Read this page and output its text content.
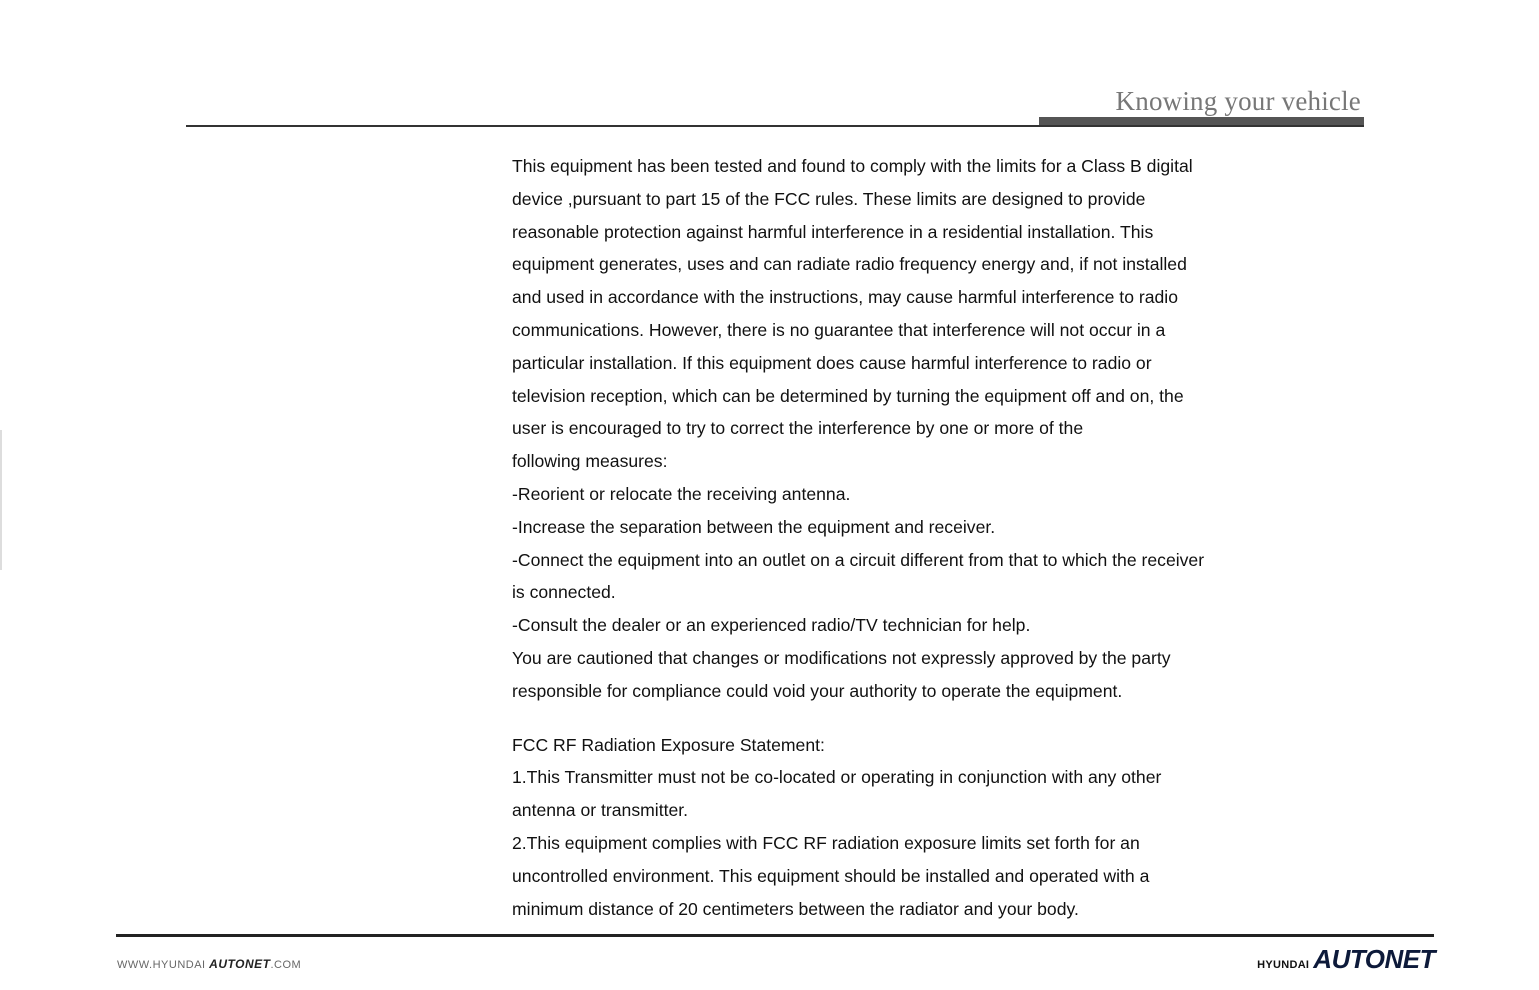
Knowing your vehicle
This equipment has been tested and found to comply with the limits for a Class B digital
device ,pursuant to part 15 of the FCC rules. These limits are designed to provide
reasonable protection against harmful interference in a residential installation. This
equipment generates, uses and can radiate radio frequency energy and, if not installed
and used in accordance with the instructions, may cause harmful interference to radio
communications. However, there is no guarantee that interference will not occur in a
particular installation. If this equipment does cause harmful interference to radio or
television reception, which can be determined by turning the equipment off and on, the
user is encouraged to try to correct the interference by one or more of the
following measures:
-Reorient or relocate the receiving antenna.
-Increase the separation between the equipment and receiver.
-Connect the equipment into an outlet on a circuit different from that to which the receiver
is connected.
-Consult the dealer or an experienced radio/TV technician for help.
You are cautioned that changes or modifications not expressly approved by the party
responsible for compliance could void your authority to operate the equipment.
FCC RF Radiation Exposure Statement:
1.This Transmitter must not be co-located or operating in conjunction with any other
antenna or transmitter.
2.This equipment complies with FCC RF radiation exposure limits set forth for an
uncontrolled environment. This equipment should be installed and operated with a
minimum distance of 20 centimeters between the radiator and your body.
WWW.HYUNDAI AUTONET.COM	HYUNDAI AUTONET
